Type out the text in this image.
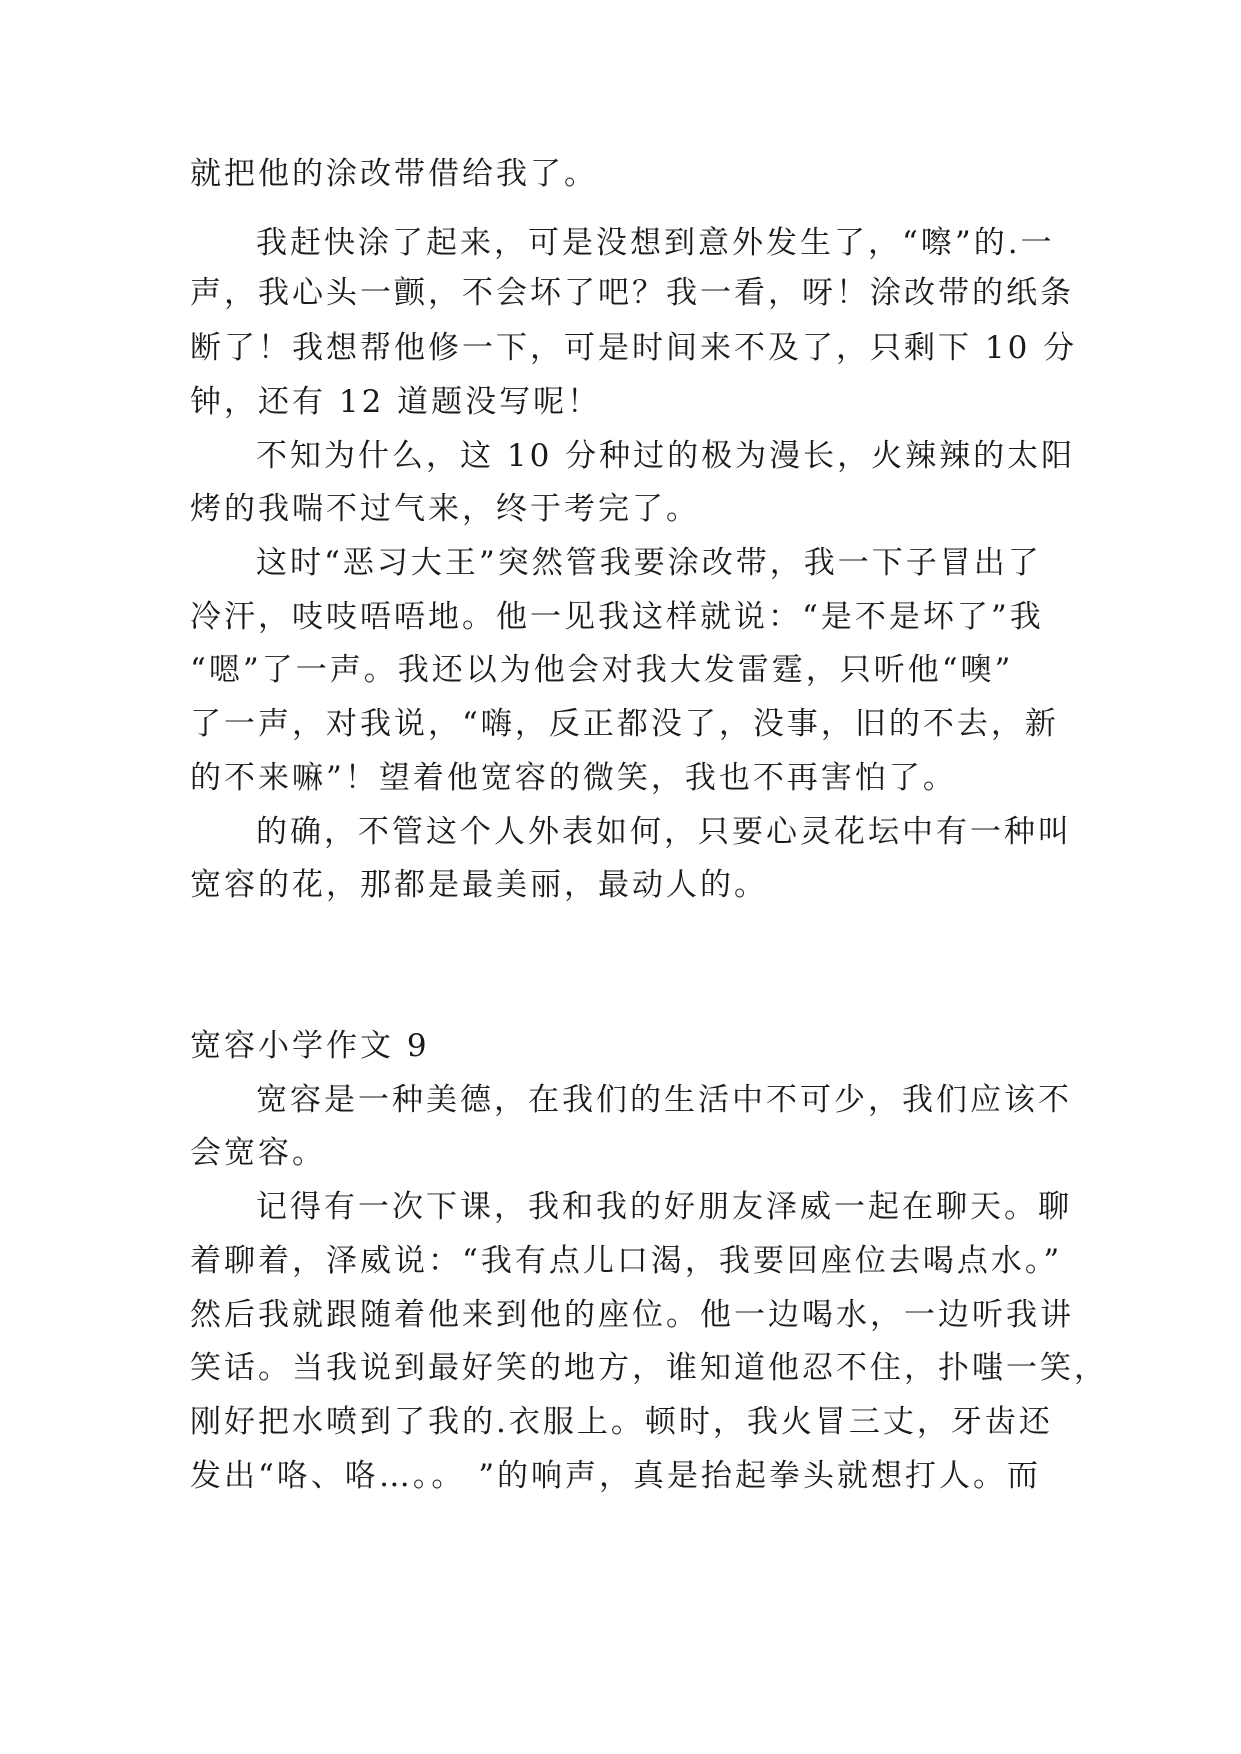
就把他的涂改带借给我了。
我赶快涂了起来，可是没想到意外发生了，“嚓”的.一
声，我心头一颤，不会坏了吧？我一看，呀！涂改带的纸条
断了！我想帮他修一下，可是时间来不及了，只剩下 10 分
钟，还有 12 道题没写呢！
不知为什么，这 10 分种过的极为漫长，火辣辣的太阳
烤的我喘不过气来，终于考完了。
这时“恶习大王”突然管我要涂改带，我一下子冒出了
冷汗，吱吱唔唔地。他一见我这样就说：“是不是坏了”我
“嗯”了一声。我还以为他会对我大发雷霆，只听他“噢”
了一声，对我说，“嗨，反正都没了，没事，旧的不去，新
的不来嘛”！望着他宽容的微笑，我也不再害怕了。
的确，不管这个人外表如何，只要心灵花坛中有一种叫
宽容的花，那都是最美丽，最动人的。
宽容小学作文 9
宽容是一种美德，在我们的生活中不可少，我们应该不
会宽容。
记得有一次下课，我和我的好朋友泽威一起在聊天。聊
着聊着，泽威说：“我有点儿口渴，我要回座位去喝点水。”
然后我就跟随着他来到他的座位。他一边喝水，一边听我讲
笑话。当我说到最好笑的地方，谁知道他忍不住，扑嗤一笑，
刚好把水喷到了我的.衣服上。顿时，我火冒三丈，牙齿还
发出“咯、咯…。。 ”的响声，真是抬起拳头就想打人。而
